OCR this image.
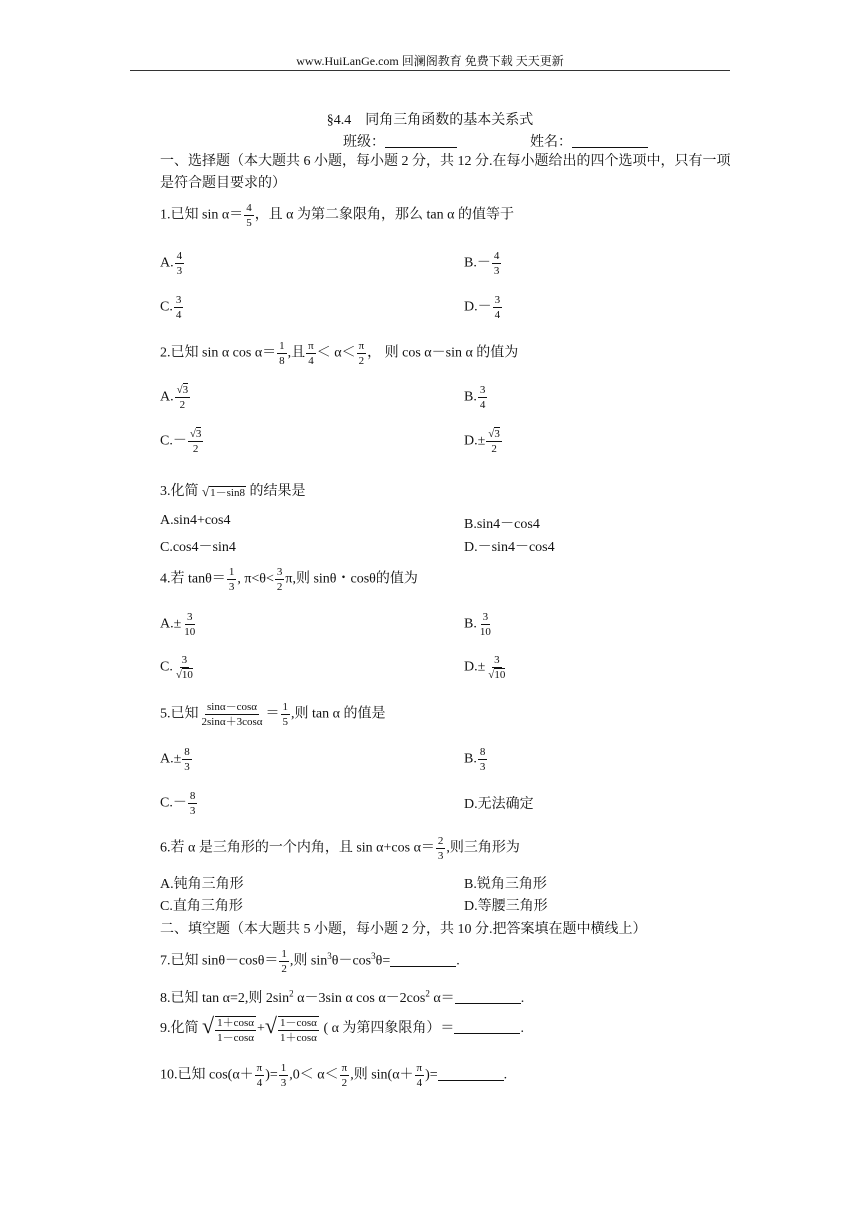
www.HuiLanGe.com 回澜阁教育 免费下载 天天更新
§4.4　同角三角函数的基本关系式
班级：	姓名：
一、选择题（本大题共 6 小题，每小题 2 分，共 12 分.在每小题给出的四个选项中，只有一项是符合题目要求的）
1.已知 $\sin \alpha= \frac{4}{5}$ ，且 α 为第二象限角，那么 tan α 的值等于
A. $\frac{4}{3}$	$B.- \frac{4}{3}$
C. $\frac{3}{4}$	$D.- \frac{3}{4}$
2.已知 sin α $\cos \alpha= \frac{1}{8}$ ,且 $\frac{\pi}{4} < \alpha< \frac{\pi}{2}$ ， 则 cos α－sin α 的值为
A. $\frac{√3}{2}$	B. $\frac{3}{4}$
$C.- \frac{√3}{2}$	$D.\pm \frac{√3}{2}$
3.化简 √1－sin8 的结果是
A.sin4+cos4	B.sin4－cos4
C.cos4－sin4	D.－sin4－cos4
4.若 $\tan\theta= \frac{1}{3}$ , $\pi<\theta< \frac{3}{2} \pi$,则 sinθ・cosθ的值为
$A.\pm \frac{3}{10}$	B. $\frac{3}{10}$
C. $\frac{3}{√10}$	$D.\pm \frac{3}{√10}$
5.已知 $\frac{\sin\alpha-\cos\alpha}{2\sin\alpha+3\cos\alpha} = \frac{1}{5}$ ,则 tan α 的值是
$A.\pm \frac{8}{3}$	B. $\frac{8}{3}$
$C.- \frac{8}{3}$	D.无法确定
6.若 α 是三角形的一个内角，且 sin α+cos $\alpha= \frac{2}{3}$ ,则三角形为
A.钝角三角形	B.锐角三角形
C.直角三角形	D.等腰三角形
二、填空题（本大题共 5 小题，每小题 2 分，共 10 分.把答案填在题中横线上）
7.已知 $\sin\theta-\cos\theta= \frac{1}{2}$ ,则 $\sin^3\theta-\cos^3\theta=$	.
8.已知 tan α=2,则 $2\sin^2$ α－3sin α $\cos \alpha-2\cos^2$ α＝	.
9.化简 √ $\frac{1+\cos\alpha}{1-\cos\alpha}$ +√ $\frac{1-\cos\alpha}{1+\cos\alpha}$ ( α 为第四象限角）＝	.
10.已知 $\cos(\alpha+ \frac{\pi}{4}$ )= $\frac{1}{3} ,0< \alpha< \frac{\pi}{2}$ ,则 $\sin(\alpha+ \frac{\pi}{4}$ )=	.
